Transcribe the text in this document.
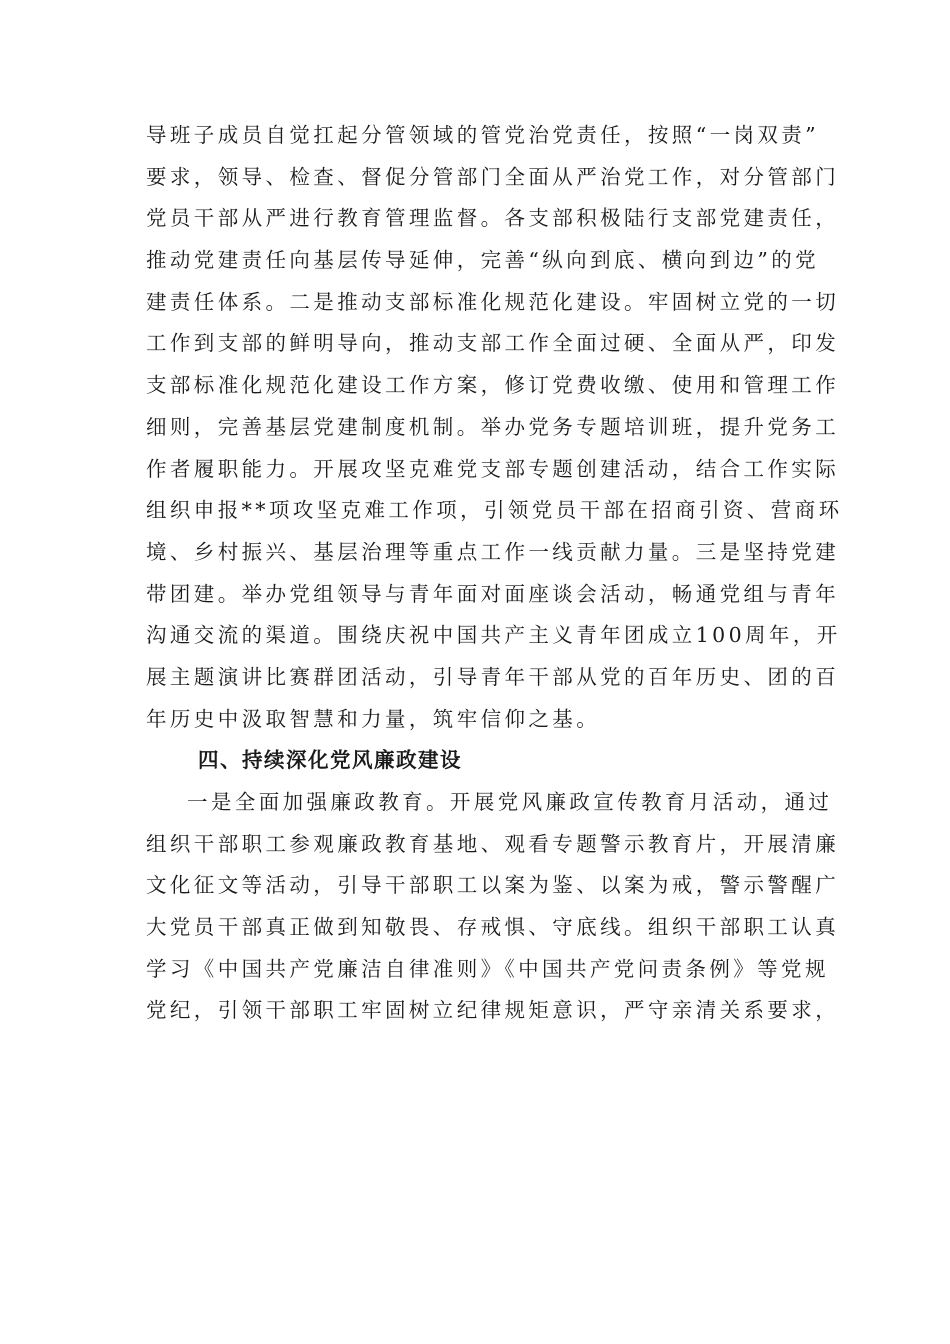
导班子成员自觉扛起分管领域的管党治党责任，按照“一岗双责”
要求，领导、检查、督促分管部门全面从严治党工作，对分管部门
党员干部从严进行教育管理监督。各支部积极陆行支部党建责任，
推动党建责任向基层传导延伸，完善“纵向到底、横向到边”的党
建责任体系。二是推动支部标准化规范化建设。牢固树立党的一切
工作到支部的鲜明导向，推动支部工作全面过硬、全面从严，印发
支部标准化规范化建设工作方案，修订党费收缴、使用和管理工作
细则，完善基层党建制度机制。举办党务专题培训班，提升党务工
作者履职能力。开展攻坚克难党支部专题创建活动，结合工作实际
组织申报**项攻坚克难工作项，引领党员干部在招商引资、营商环
境、乡村振兴、基层治理等重点工作一线贡献力量。三是坚持党建
带团建。举办党组领导与青年面对面座谈会活动，畅通党组与青年
沟通交流的渠道。围绕庆祝中国共产主义青年团成立100周年，开
展主题演讲比赛群团活动，引导青年干部从党的百年历史、团的百
年历史中汲取智慧和力量，筑牢信仰之基。
四、持续深化党风廉政建设
一是全面加强廉政教育。开展党风廉政宣传教育月活动，通过
组织干部职工参观廉政教育基地、观看专题警示教育片，开展清廉
文化征文等活动，引导干部职工以案为鉴、以案为戒，警示警醒广
大党员干部真正做到知敬畏、存戒惧、守底线。组织干部职工认真
学习《中国共产党廉洁自律准则》《中国共产党问责条例》等党规
党纪，引领干部职工牢固树立纪律规矩意识，严守亲清关系要求，
